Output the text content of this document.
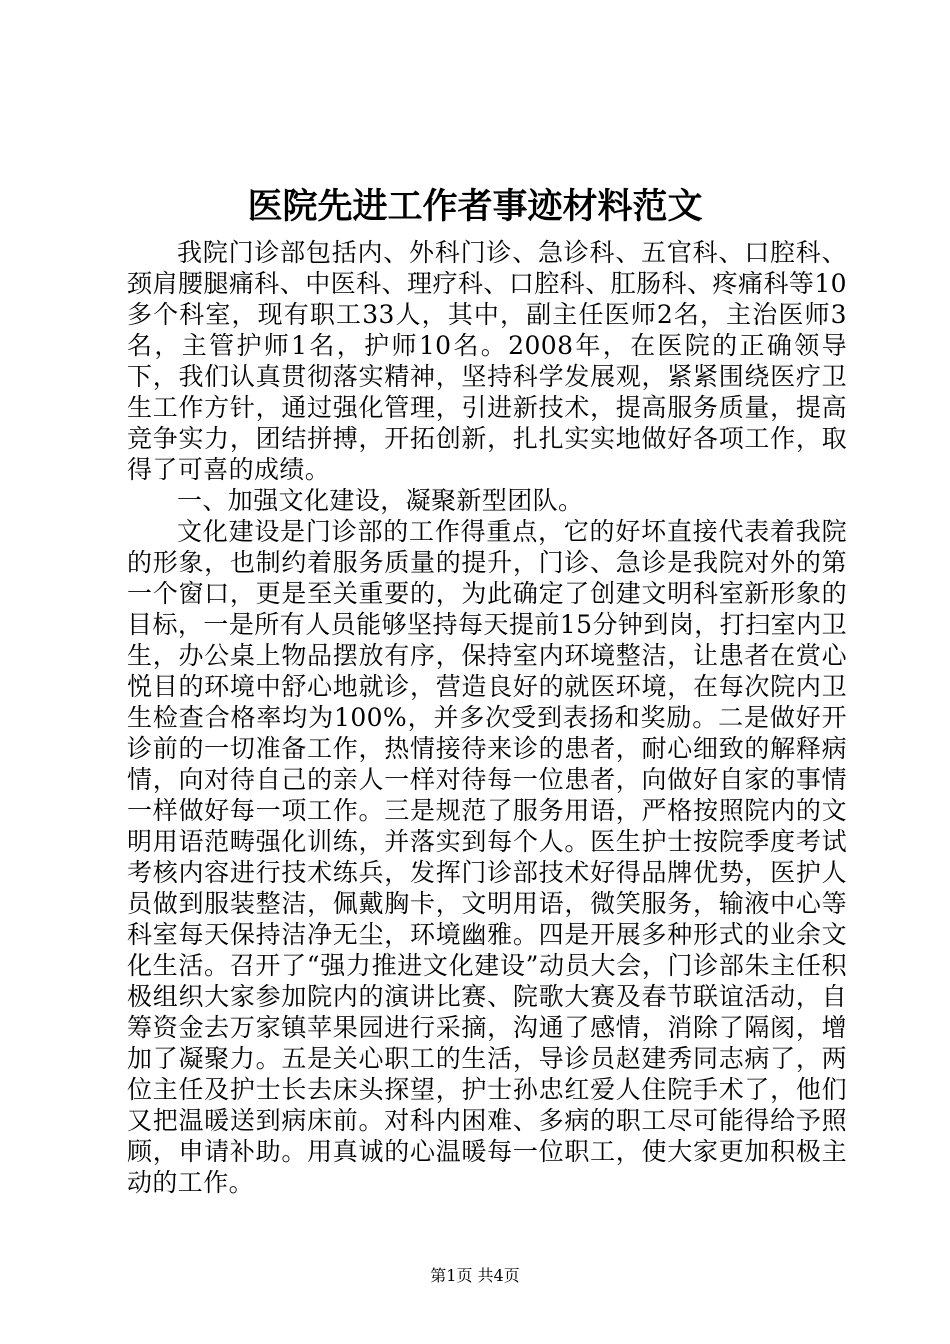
医院先进工作者事迹材料范文

我院门诊部包括内、外科门诊、急诊科、五官科、口腔科、颈肩腰腿痛科、中医科、理疗科、口腔科、肛肠科、疼痛科等10多个科室，现有职工33人，其中，副主任医师2名，主治医师3名，主管护师1名，护师10名。2008年，在医院的正确领导下，我们认真贯彻落实精神，坚持科学发展观，紧紧围绕医疗卫生工作方针，通过强化管理，引进新技术，提高服务质量，提高竞争实力，团结拼搏，开拓创新，扎扎实实地做好各项工作，取得了可喜的成绩。

一、加强文化建设，凝聚新型团队。

文化建设是门诊部的工作得重点，它的好坏直接代表着我院的形象，也制约着服务质量的提升，门诊、急诊是我院对外的第一个窗口，更是至关重要的，为此确定了创建文明科室新形象的目标，一是所有人员能够坚持每天提前15分钟到岗，打扫室内卫生，办公桌上物品摆放有序，保持室内环境整洁，让患者在赏心悦目的环境中舒心地就诊，营造良好的就医环境，在每次院内卫生检查合格率均为100%，并多次受到表扬和奖励。二是做好开诊前的一切准备工作，热情接待来诊的患者，耐心细致的解释病情，向对待自己的亲人一样对待每一位患者，向做好自家的事情一样做好每一项工作。三是规范了服务用语，严格按照院内的文明用语范畴强化训练，并落实到每个人。医生护士按院季度考试考核内容进行技术练兵，发挥门诊部技术好得品牌优势，医护人员做到服装整洁，佩戴胸卡，文明用语，微笑服务，输液中心等科室每天保持洁净无尘，环境幽雅。四是开展多种形式的业余文化生活。召开了“强力推进文化建设”动员大会，门诊部朱主任积极组织大家参加院内的演讲比赛、院歌大赛及春节联谊活动，自筹资金去万家镇苹果园进行采摘，沟通了感情，消除了隔阂，增加了凝聚力。五是关心职工的生活，导诊员赵建秀同志病了，两位主任及护士长去床头探望，护士孙忠红爱人住院手术了，他们又把温暖送到病床前。对科内困难、多病的职工尽可能得给予照顾，申请补助。用真诚的心温暖每一位职工，使大家更加积极主动的工作。

第1页 共4页
